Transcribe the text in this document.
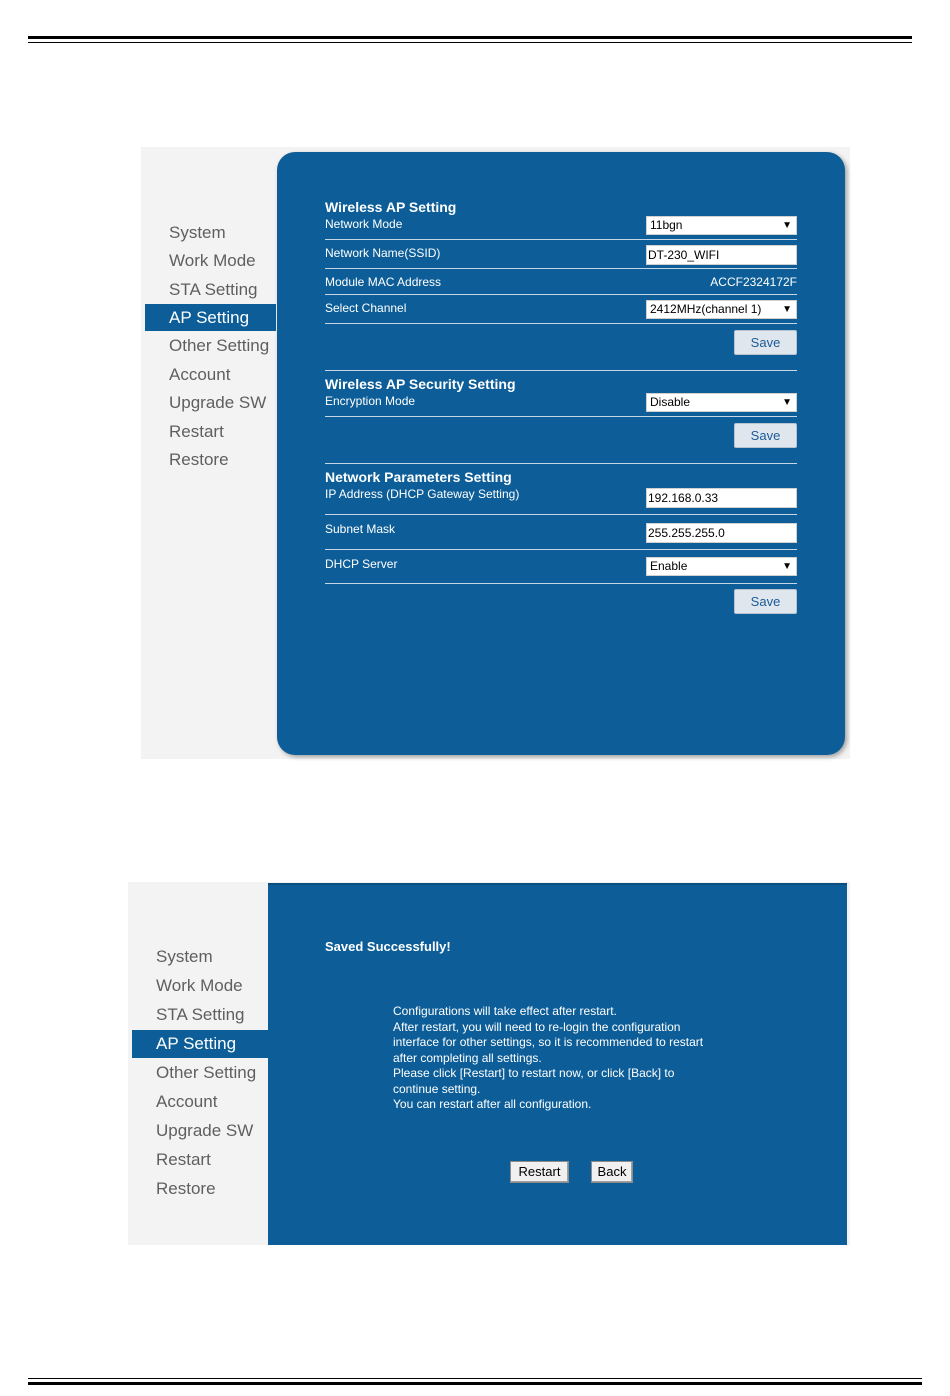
System
Work Mode
STA Setting
AP Setting
Other Setting
Account
Upgrade SW
Restart
Restore
Wireless AP Setting
Network Mode	11bgn	▼
Network Name(SSID)	DT-230_WIFI
Module MAC Address	ACCF2324172F
Select Channel	2412MHz(channel 1) ▼
Save
Wireless AP Security Setting
Encryption Mode	Disable	▼
Save
Network Parameters Setting
IP Address (DHCP Gateway Setting)	192.168.0.33
Subnet Mask	255.255.255.0
DHCP Server	Enable	▼
Save
System
Work Mode
STA Setting
AP Setting
Other Setting
Account
Upgrade SW
Restart
Restore
Saved Successfully!
Configurations will take effect after restart.
After restart, you will need to re-login the configuration
interface for other settings, so it is recommended to restart
after completing all settings.
Please click [Restart] to restart now, or click [Back] to
continue setting.
You can restart after all configuration.
Restart	Back
